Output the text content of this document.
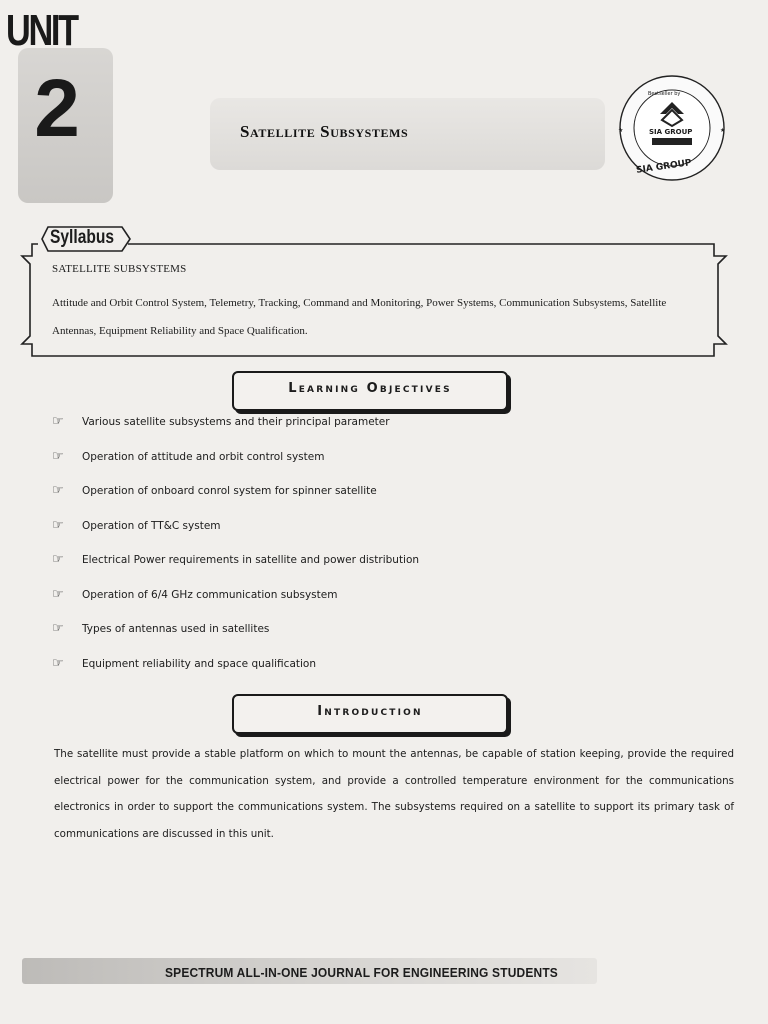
UNIT
2	Satellite Subsystems	★	★
Bestseller by
SIA GROUP
SIA GROUP
Syllabus
SATELLITE SUBSYSTEMS
Attitude and Orbit Control System, Telemetry, Tracking, Command and Monitoring, Power Systems, Communication Subsystems, Satellite Antennas, Equipment Reliability and Space Qualification.
Learning Objectives
☞	Various satellite subsystems and their principal parameter
☞	Operation of attitude and orbit control system
☞	Operation of onboard conrol system for spinner satellite
☞	Operation of TT&C system
☞	Electrical Power requirements in satellite and power distribution
☞	Operation of 6/4 GHz communication subsystem
☞	Types of antennas used in satellites
☞	Equipment reliability and space qualification
Introduction
The satellite must provide a stable platform on which to mount the antennas, be capable of station keeping, provide the required electrical power for the communication system, and provide a controlled temperature environment for the communications electronics in order to support the communications system. The subsystems required on a satellite to support its primary task of communications are discussed in this unit.
SPECTRUM ALL-IN-ONE JOURNAL FOR ENGINEERING STUDENTS
